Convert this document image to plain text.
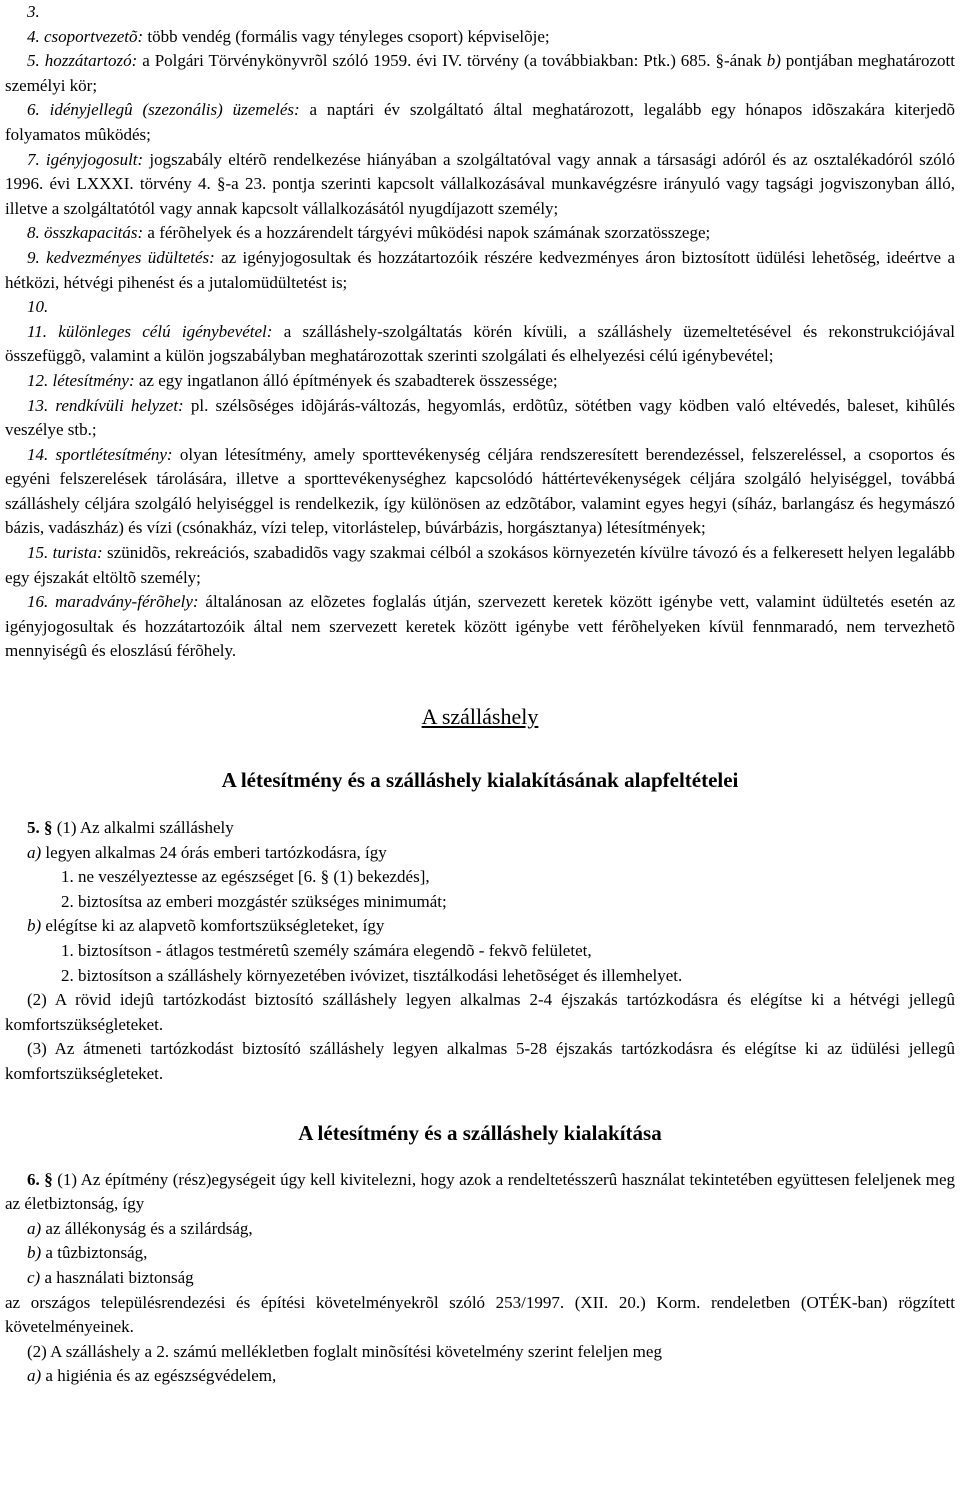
3.

4. csoportvezetõ: több vendég (formális vagy tényleges csoport) képviselõje;

5. hozzátartozó: a Polgári Törvénykönyvrõl szóló 1959. évi IV. törvény (a továbbiakban: Ptk.) 685. §-ának b) pontjában meghatározott személyi kör;

6. idényjellegû (szezonális) üzemelés: a naptári év szolgáltató által meghatározott, legalább egy hónapos idõszakára kiterjedõ folyamatos mûködés;

7. igényjogosult: jogszabály eltérõ rendelkezése hiányában a szolgáltatóval vagy annak a társasági adóról és az osztalékadóról szóló 1996. évi LXXXI. törvény 4. §-a 23. pontja szerinti kapcsolt vállalkozásával munkavégzésre irányuló vagy tagsági jogviszonyban álló, illetve a szolgáltatótól vagy annak kapcsolt vállalkozásától nyugdíjazott személy;

8. összkapacitás: a férõhelyek és a hozzárendelt tárgyévi mûködési napok számának szorzatösszege;

9. kedvezményes üdültetés: az igényjogosultak és hozzátartozóik részére kedvezményes áron biztosított üdülési lehetõség, ideértve a hétközi, hétvégi pihenést és a jutalomüdültetést is;

10.

11. különleges célú igénybevétel: a szálláshely-szolgáltatás körén kívüli, a szálláshely üzemeltetésével és rekonstrukciójával összefüggõ, valamint a külön jogszabályban meghatározottak szerinti szolgálati és elhelyezési célú igénybevétel;

12. létesítmény: az egy ingatlanon álló építmények és szabadterek összessége;

13. rendkívüli helyzet: pl. szélsõséges idõjárás-változás, hegyomlás, erdõtûz, sötétben vagy ködben való eltévedés, baleset, kihûlés veszélye stb.;

14. sportlétesítmény: olyan létesítmény, amely sporttevékenység céljára rendszeresített berendezéssel, felszereléssel, a csoportos és egyéni felszerelések tárolására, illetve a sporttevékenységhez kapcsolódó háttértevékenységek céljára szolgáló helyiséggel, továbbá szálláshely céljára szolgáló helyiséggel is rendelkezik, így különösen az edzõtábor, valamint egyes hegyi (síház, barlangász és hegymászó bázis, vadászház) és vízi (csónakház, vízi telep, vitorlástelep, búvárbázis, horgásztanya) létesítmények;

15. turista: szünidõs, rekreációs, szabadidõs vagy szakmai célból a szokásos környezetén kívülre távozó és a felkeresett helyen legalább egy éjszakát eltöltõ személy;

16. maradvány-férõhely: általánosan az elõzetes foglalás útján, szervezett keretek között igénybe vett, valamint üdültetés esetén az igényjogosultak és hozzátartozóik által nem szervezett keretek között igénybe vett férõhelyeken kívül fennmaradó, nem tervezhetõ mennyiségû és eloszlású férõhely.

A szálláshely
A létesítmény és a szálláshely kialakításának alapfeltételei

5. § (1) Az alkalmi szálláshely

a) legyen alkalmas 24 órás emberi tartózkodásra, így

1. ne veszélyeztesse az egészséget [6. § (1) bekezdés],

2. biztosítsa az emberi mozgástér szükséges minimumát;

b) elégítse ki az alapvetõ komfortszükségleteket, így

1. biztosítson - átlagos testméretû személy számára elegendõ - fekvõ felületet,

2. biztosítson a szálláshely környezetében ivóvizet, tisztálkodási lehetõséget és illemhelyet.

(2) A rövid idejû tartózkodást biztosító szálláshely legyen alkalmas 2-4 éjszakás tartózkodásra és elégítse ki a hétvégi jellegû komfortszükségleteket.

(3) Az átmeneti tartózkodást biztosító szálláshely legyen alkalmas 5-28 éjszakás tartózkodásra és elégítse ki az üdülési jellegû komfortszükségleteket.

A létesítmény és a szálláshely kialakítása

6. § (1) Az építmény (rész)egységeit úgy kell kivitelezni, hogy azok a rendeltetésszerû használat tekintetében együttesen feleljenek meg az életbiztonság, így

a) az állékonyság és a szilárdság,

b) a tûzbiztonság,

c) a használati biztonság

az országos településrendezési és építési követelményekrõl szóló 253/1997. (XII. 20.) Korm. rendeletben (OTÉK-ban) rögzített követelményeinek.

(2) A szálláshely a 2. számú mellékletben foglalt minõsítési követelmény szerint feleljen meg

a) a higiénia és az egészségvédelem,
